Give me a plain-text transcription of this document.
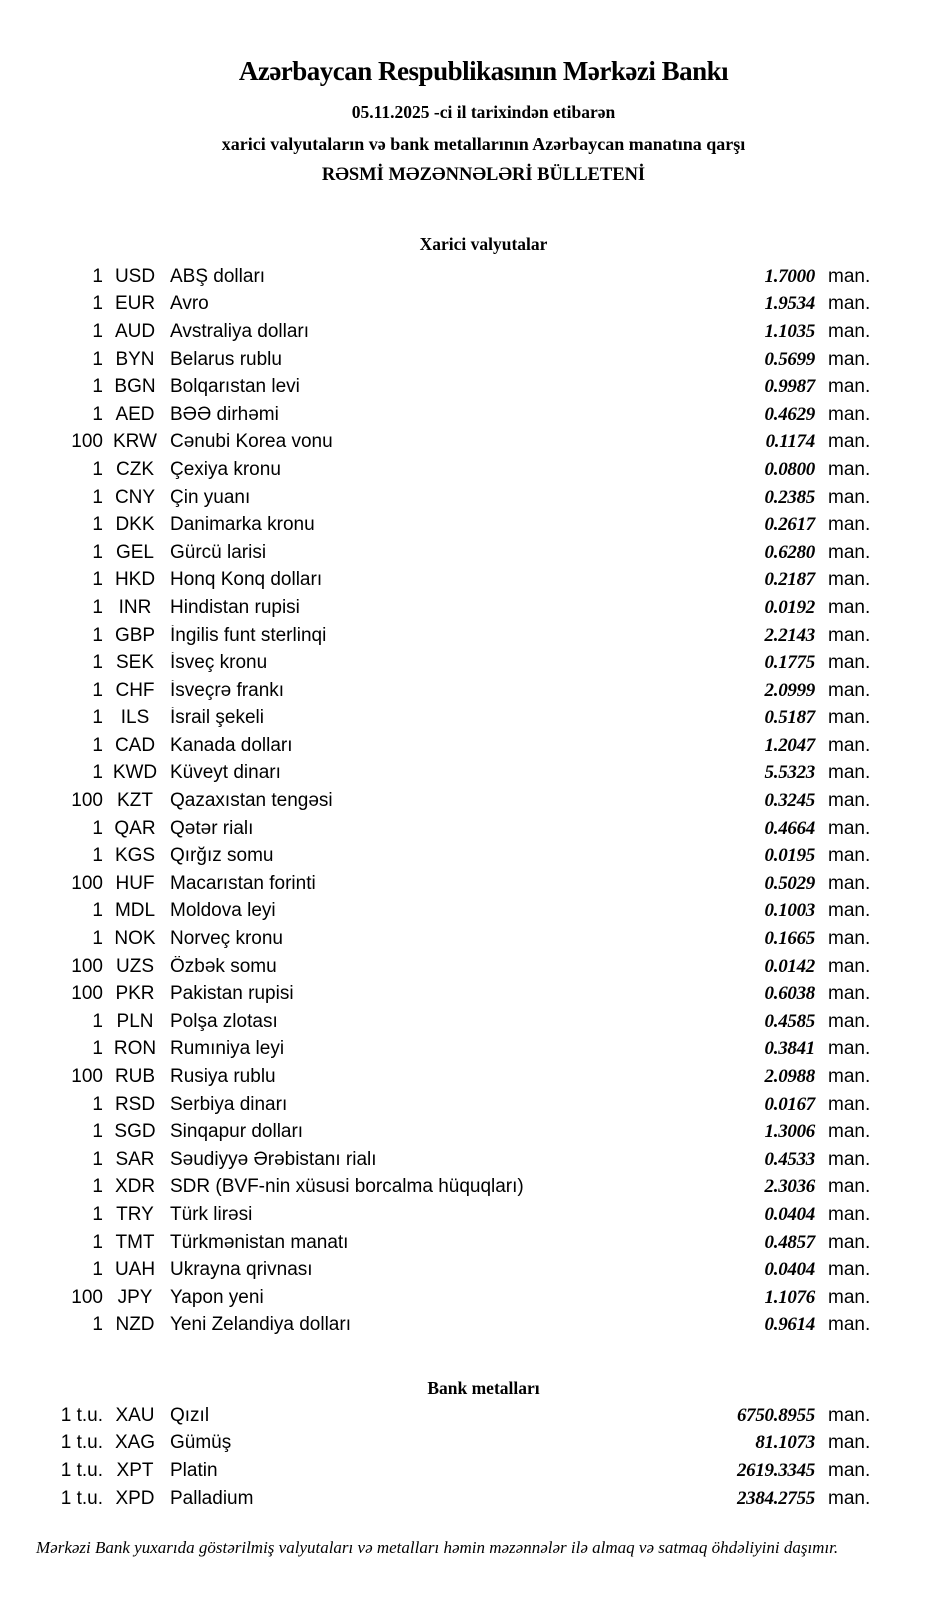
Azərbaycan Respublikasının Mərkəzi Bankı
05.11.2025 -ci il tarixindən etibarən
xarici valyutaların və bank metallarının Azərbaycan manatına qarşı
RƏSMİ MƏZƏNNƏLƏRİ BÜLLETENİ
Xarici valyutalar
1 USD ABŞ dolları	1.7000 man.
1 EUR Avro	1.9534 man.
1 AUD Avstraliya dolları	1.1035 man.
1 BYN Belarus rublu	0.5699 man.
1 BGN Bolqarıstan levi	0.9987 man.
1 AED BƏƏ dirhəmi	0.4629 man.
100 KRW Cənubi Korea vonu	0.1174 man.
1 CZK Çexiya kronu	0.0800 man.
1 CNY Çin yuanı	0.2385 man.
1 DKK Danimarka kronu	0.2617 man.
1 GEL Gürcü larisi	0.6280 man.
1 HKD Honq Konq dolları	0.2187 man.
1 INR Hindistan rupisi	0.0192 man.
1 GBP İngilis funt sterlinqi	2.2143 man.
1 SEK İsveç kronu	0.1775 man.
1 CHF İsveçrə frankı	2.0999 man.
1 ILS	İsrail şekeli	0.5187 man.
1 CAD Kanada dolları	1.2047 man.
1 KWD Küveyt dinarı	5.5323 man.
100 KZT Qazaxıstan tengəsi	0.3245 man.
1 QAR Qətər rialı	0.4664 man.
1 KGS Qırğız somu	0.0195 man.
100 HUF Macarıstan forinti	0.5029 man.
1 MDL Moldova leyi	0.1003 man.
1 NOK Norveç kronu	0.1665 man.
100 UZS Özbək somu	0.0142 man.
100 PKR Pakistan rupisi	0.6038 man.
1 PLN Polşa zlotası	0.4585 man.
1 RON Rumıniya leyi	0.3841 man.
100 RUB Rusiya rublu	2.0988 man.
1 RSD Serbiya dinarı	0.0167 man.
1 SGD Sinqapur dolları	1.3006 man.
1 SAR Səudiyyə Ərəbistanı rialı	0.4533 man.
1 XDR SDR (BVF-nin xüsusi borcalma hüquqları)	2.3036 man.
1 TRY Türk lirəsi	0.0404 man.
1 TMT Türkmənistan manatı	0.4857 man.
1 UAH Ukrayna qrivnası	0.0404 man.
100 JPY Yapon yeni	1.1076 man.
1 NZD Yeni Zelandiya dolları	0.9614 man.
Bank metalları
1 t.u. XAU Qızıl	6750.8955 man.
1 t.u. XAG Gümüş	81.1073 man.
1 t.u. XPT Platin	2619.3345 man.
1 t.u. XPD Palladium	2384.2755 man.
Mərkəzi Bank yuxarıda göstərilmiş valyutaları və metalları həmin məzənnələr ilə almaq və satmaq öhdəliyini daşımır.
